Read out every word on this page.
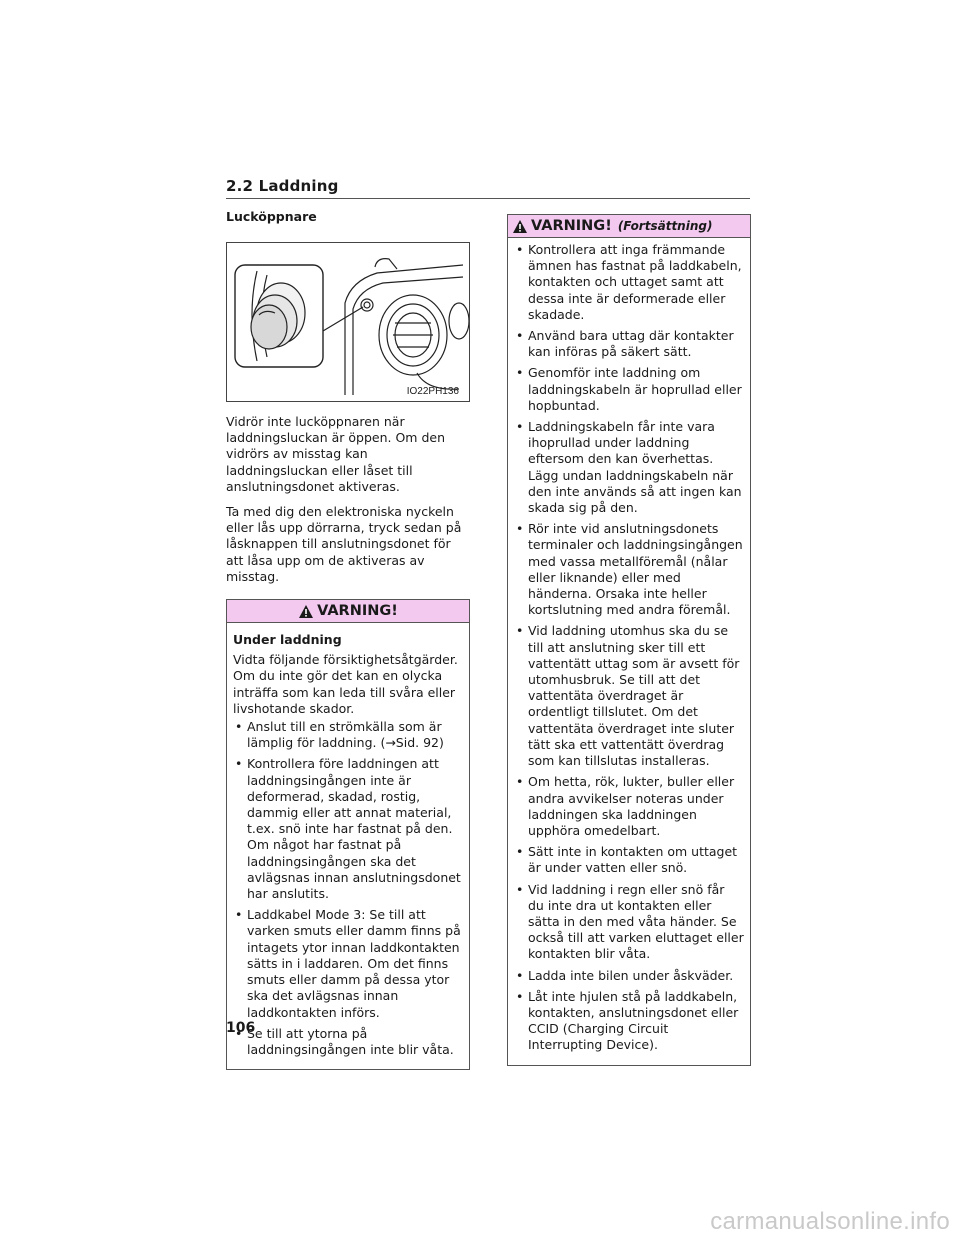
2.2 Laddning
Lucköppnare
IO22PH136

Vidrör inte lucköppnaren när laddningsluckan är öppen. Om den vidrörs av misstag kan laddningsluckan eller låset till anslutningsdonet aktiveras.

Ta med dig den elektroniska nyckeln eller lås upp dörrarna, tryck sedan på låsknappen till anslutningsdonet för att låsa upp om de aktiveras av misstag.

VARNING!
Under laddning
Vidta följande försiktighetsåtgärder. Om du inte gör det kan en olycka inträffa som kan leda till svåra eller livshotande skador.
• Anslut till en strömkälla som är lämplig för laddning. (→Sid. 92)
• Kontrollera före laddningen att laddningsingången inte är deformerad, skadad, rostig, dammig eller att annat material, t.ex. snö inte har fastnat på den. Om något har fastnat på laddningsingången ska det avlägsnas innan anslutningsdonet har anslutits.
• Laddkabel Mode 3: Se till att varken smuts eller damm finns på intagets ytor innan laddkontakten sätts in i laddaren. Om det finns smuts eller damm på dessa ytor ska det avlägsnas innan laddkontakten införs.
• Se till att ytorna på laddningsingången inte blir våta.
VARNING! (Fortsättning)
• Kontrollera att inga främmande ämnen has fastnat på laddkabeln, kontakten och uttaget samt att dessa inte är deformerade eller skadade.
• Använd bara uttag där kontakter kan införas på säkert sätt.
• Genomför inte laddning om laddningskabeln är hoprullad eller hopbuntad.
• Laddningskabeln får inte vara ihoprullad under laddning eftersom den kan överhettas. Lägg undan laddningskabeln när den inte används så att ingen kan skada sig på den.
• Rör inte vid anslutningsdonets terminaler och laddningsingången med vassa metallföremål (nålar eller liknande) eller med händerna. Orsaka inte heller kortslutning med andra föremål.
• Vid laddning utomhus ska du se till att anslutning sker till ett vattentätt uttag som är avsett för utomhusbruk. Se till att det vattentäta överdraget är ordentligt tillslutet. Om det vattentäta överdraget inte sluter tätt ska ett vattentätt överdrag som kan tillslutas installeras.
• Om hetta, rök, lukter, buller eller andra avvikelser noteras under laddningen ska laddningen upphöra omedelbart.
• Sätt inte in kontakten om uttaget är under vatten eller snö.
• Vid laddning i regn eller snö får du inte dra ut kontakten eller sätta in den med våta händer. Se också till att varken eluttaget eller kontakten blir våta.
• Ladda inte bilen under åskväder.
• Låt inte hjulen stå på laddkabeln, kontakten, anslutningsdonet eller CCID (Charging Circuit Interrupting Device).
106
carmanualsonline.info
